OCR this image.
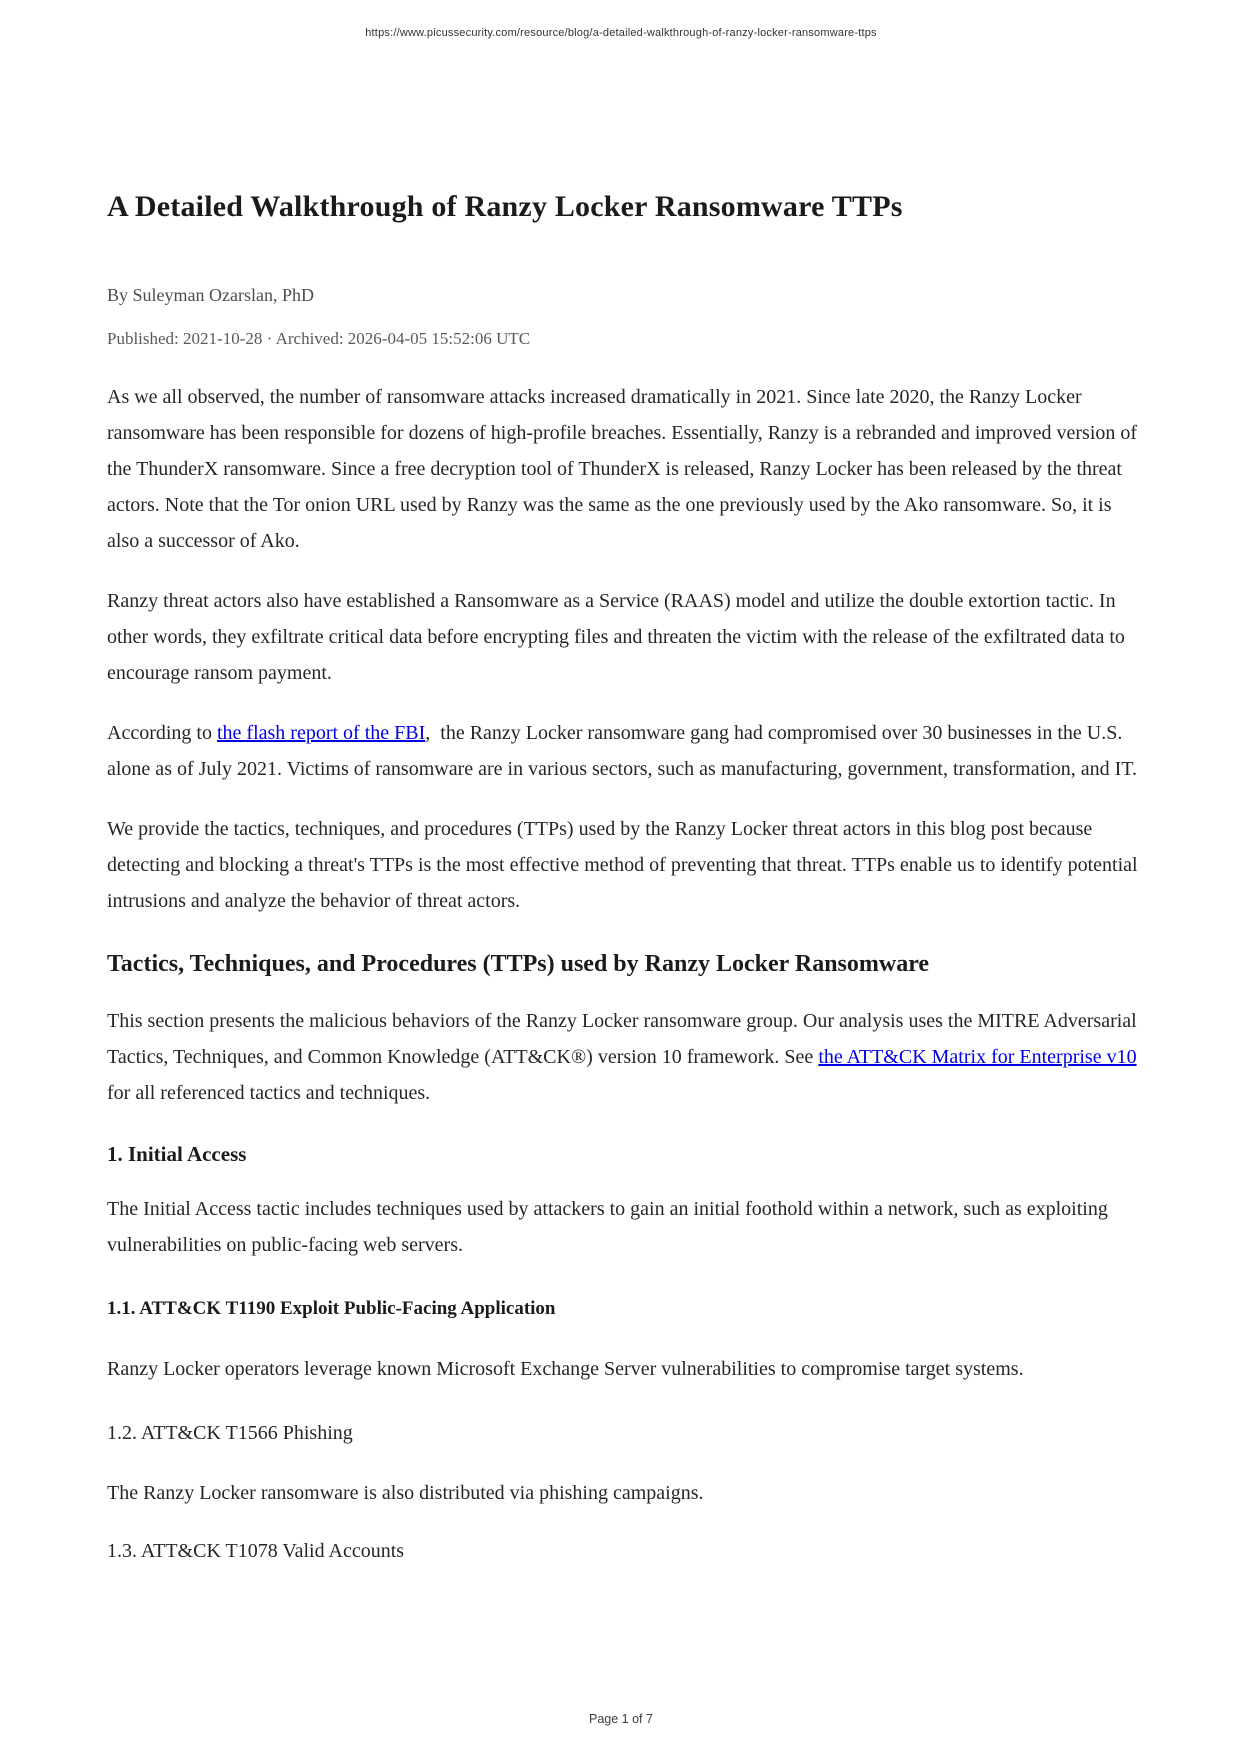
https://www.picussecurity.com/resource/blog/a-detailed-walkthrough-of-ranzy-locker-ransomware-ttps
A Detailed Walkthrough of Ranzy Locker Ransomware TTPs

By Suleyman Ozarslan, PhD

Published: 2021-10-28 · Archived: 2026-04-05 15:52:06 UTC

As we all observed, the number of ransomware attacks increased dramatically in 2021. Since late 2020, the Ranzy Locker ransomware has been responsible for dozens of high-profile breaches. Essentially, Ranzy is a rebranded and improved version of the ThunderX ransomware. Since a free decryption tool of ThunderX is released, Ranzy Locker has been released by the threat actors. Note that the Tor onion URL used by Ranzy was the same as the one previously used by the Ako ransomware. So, it is also a successor of Ako.

Ranzy threat actors also have established a Ransomware as a Service (RAAS) model and utilize the double extortion tactic. In other words, they exfiltrate critical data before encrypting files and threaten the victim with the release of the exfiltrated data to encourage ransom payment.

According to the flash report of the FBI,  the Ranzy Locker ransomware gang had compromised over 30 businesses in the U.S. alone as of July 2021. Victims of ransomware are in various sectors, such as manufacturing, government, transformation, and IT.

We provide the tactics, techniques, and procedures (TTPs) used by the Ranzy Locker threat actors in this blog post because detecting and blocking a threat's TTPs is the most effective method of preventing that threat. TTPs enable us to identify potential intrusions and analyze the behavior of threat actors.

Tactics, Techniques, and Procedures (TTPs) used by Ranzy Locker Ransomware

This section presents the malicious behaviors of the Ranzy Locker ransomware group. Our analysis uses the MITRE Adversarial Tactics, Techniques, and Common Knowledge (ATT&CK®) version 10 framework. See the ATT&CK Matrix for Enterprise v10 for all referenced tactics and techniques.

1. Initial Access

The Initial Access tactic includes techniques used by attackers to gain an initial foothold within a network, such as exploiting vulnerabilities on public-facing web servers.

1.1. ATT&CK T1190 Exploit Public-Facing Application

Ranzy Locker operators leverage known Microsoft Exchange Server vulnerabilities to compromise target systems.

1.2. ATT&CK T1566 Phishing

The Ranzy Locker ransomware is also distributed via phishing campaigns.

1.3. ATT&CK T1078 Valid Accounts

Page 1 of 7
